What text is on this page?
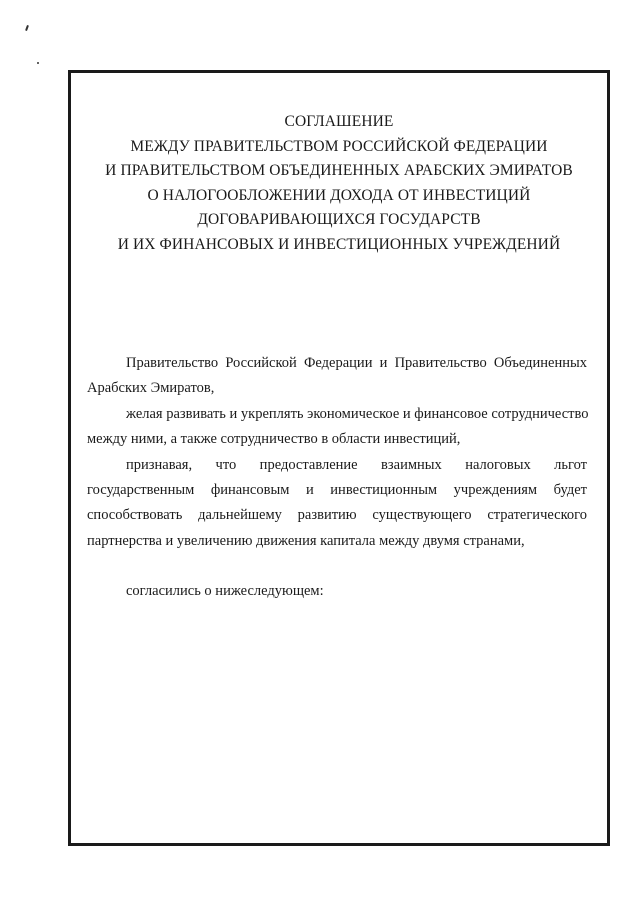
СОГЛАШЕНИЕ
МЕЖДУ ПРАВИТЕЛЬСТВОМ РОССИЙСКОЙ ФЕДЕРАЦИИ
И ПРАВИТЕЛЬСТВОМ ОБЪЕДИНЕННЫХ АРАБСКИХ ЭМИРАТОВ
О НАЛОГООБЛОЖЕНИИ ДОХОДА ОТ ИНВЕСТИЦИЙ
ДОГОВАРИВАЮЩИХСЯ ГОСУДАРСТВ
И ИХ ФИНАНСОВЫХ И ИНВЕСТИЦИОННЫХ УЧРЕЖДЕНИЙ
Правительство Российской Федерации и Правительство Объединенных
Арабских Эмиратов,
желая развивать и укреплять экономическое и финансовое сотрудничество
между ними, а также сотрудничество в области инвестиций,
признавая, что предоставление взаимных налоговых льгот
государственным финансовым и инвестиционным учреждениям будет
способствовать дальнейшему развитию существующего стратегического
партнерства и увеличению движения капитала между двумя странами,
согласились о нижеследующем:
